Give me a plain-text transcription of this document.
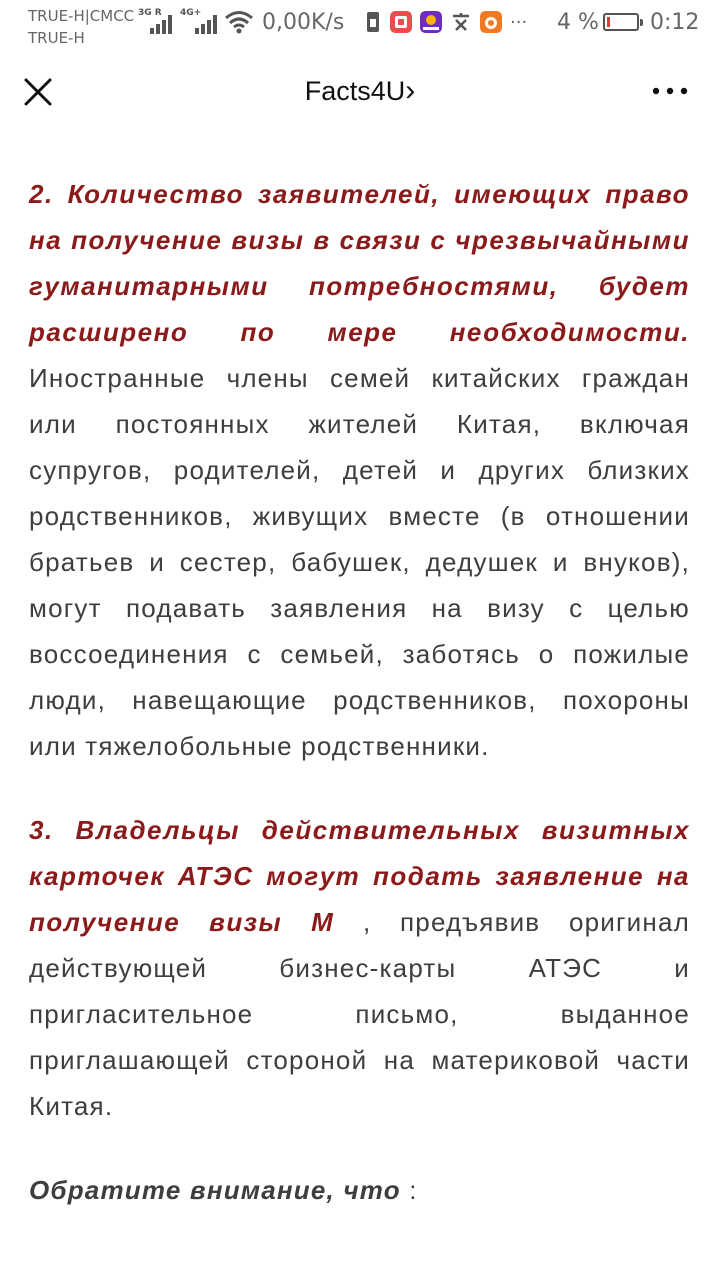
TRUE-H|CMCC
TRUE-H
3G R 4G+	0,00K/s	··· 4 % 0:12
Facts4U›

2. Количество заявителей, имеющих право на получение визы в связи с чрезвычайными гуманитарными потребностями, будет расширено по мере необходимости. Иностранные члены семей китайских граждан или постоянных жителей Китая, включая супругов, родителей, детей и других близких родственников, живущих вместе (в отношении братьев и сестер, бабушек, дедушек и внуков), могут подавать заявления на визу с целью воссоединения с семьей, заботясь о пожилые люди, навещающие родственников, похороны или тяжелобольные родственники.

3. Владельцы действительных визитных карточек АТЭС могут подать заявление на получение визы M , предъявив оригинал действующей бизнес-карты АТЭС и пригласительное письмо, выданное приглашающей стороной на материковой части Китая.

Обратите внимание, что :
